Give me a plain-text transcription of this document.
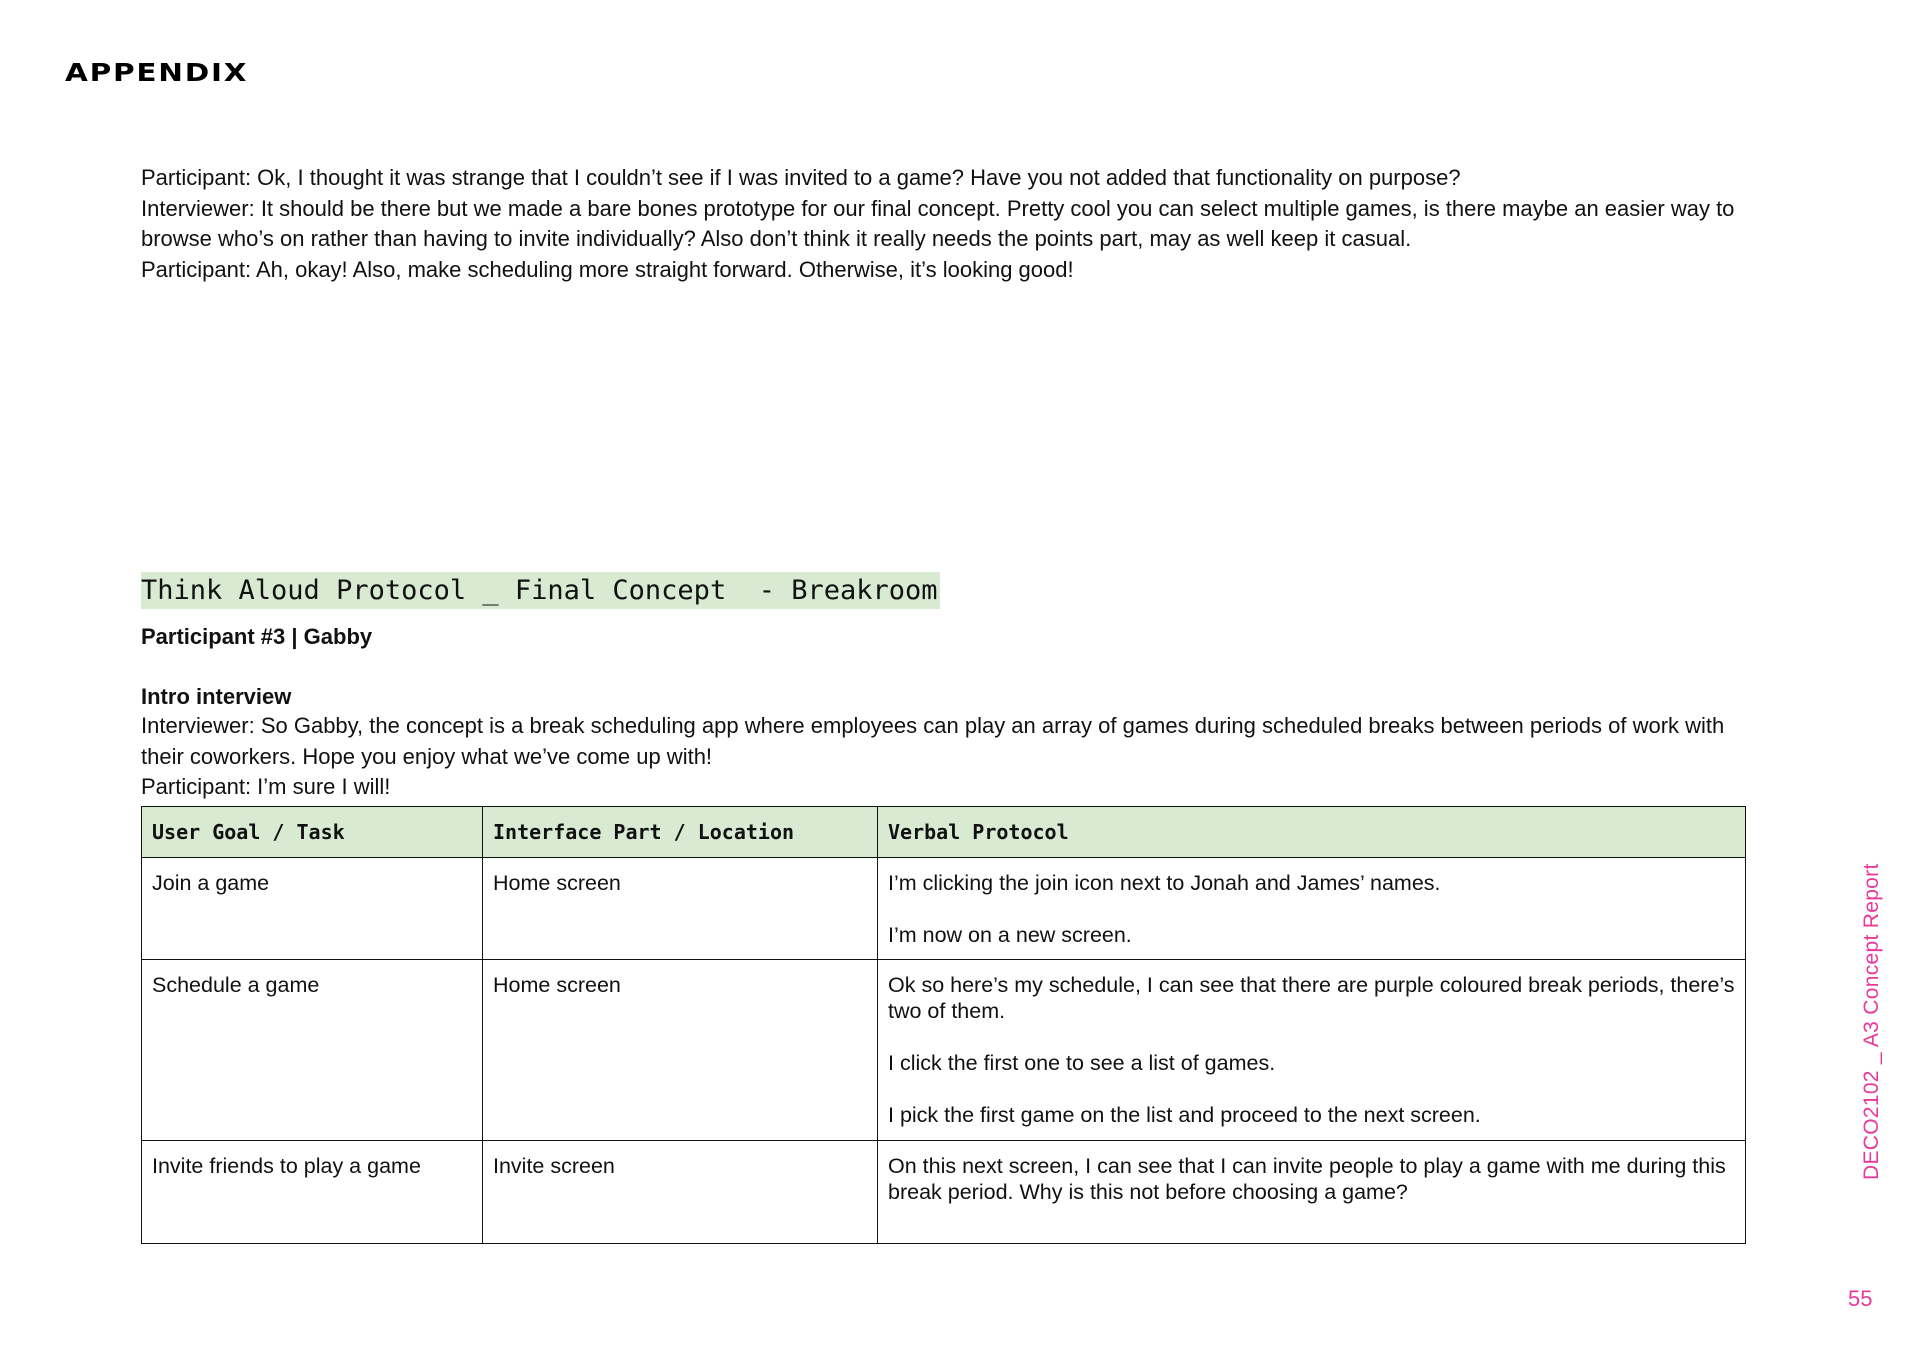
APPENDIX

Participant: Ok, I thought it was strange that I couldn’t see if I was invited to a game? Have you not added that functionality on purpose?

Interviewer: It should be there but we made a bare bones prototype for our final concept. Pretty cool you can select multiple games, is there maybe an easier way to browse who’s on rather than having to invite individually? Also don’t think it really needs the points part, may as well keep it casual.

Participant: Ah, okay! Also, make scheduling more straight forward. Otherwise, it’s looking good!

Think Aloud Protocol _ Final Concept  - Breakroom
Participant #3 | Gabby
Intro interview

Interviewer: So Gabby, the concept is a break scheduling app where employees can play an array of games during scheduled breaks between periods of work with their coworkers. Hope you enjoy what we’ve come up with!

Participant: I’m sure I will!

User Goal / Task	Interface Part / Location	Verbal Protocol
Join a game	Home screen	I’m clicking the join icon next to Jonah and James’ names.

I’m now on a new screen.

Schedule a game	Home screen	Ok so here’s my schedule, I can see that there are purple coloured break periods, there’s two of them.

I click the first one to see a list of games.

I pick the first game on the list and proceed to the next screen.

Invite friends to play a game	Invite screen	On this next screen, I can see that I can invite people to play a game with me during this break period. Why is this not before choosing a game?

DECO2102 _ A3 Concept Report
55
